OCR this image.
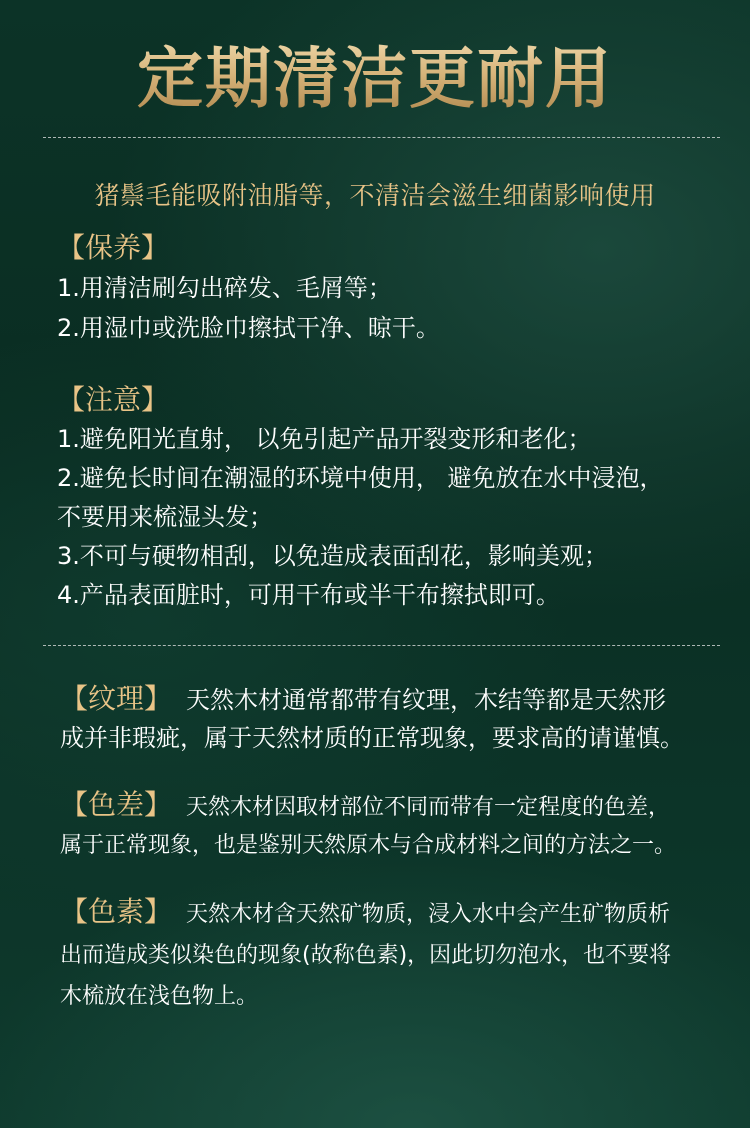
定期清洁更耐用
猪鬃毛能吸附油脂等，不清洁会滋生细菌影响使用
【保养】
1.用清洁刷勾出碎发、毛屑等；
2.用湿巾或洗脸巾擦拭干净、晾干。
【注意】
1.避免阳光直射， 以免引起产品开裂变形和老化；
2.避免长时间在潮湿的环境中使用， 避免放在水中浸泡，
不要用来梳湿头发；
3.不可与硬物相刮，以免造成表面刮花，影响美观；
4.产品表面脏时，可用干布或半干布擦拭即可。
【纹理】 天然木材通常都带有纹理，木结等都是天然形
成并非瑕疵，属于天然材质的正常现象，要求高的请谨慎。
【色差】 天然木材因取材部位不同而带有一定程度的色差，
属于正常现象，也是鉴别天然原木与合成材料之间的方法之一。
【色素】 天然木材含天然矿物质，浸入水中会产生矿物质析
出而造成类似染色的现象(故称色素)，因此切勿泡水，也不要将
木梳放在浅色物上。
